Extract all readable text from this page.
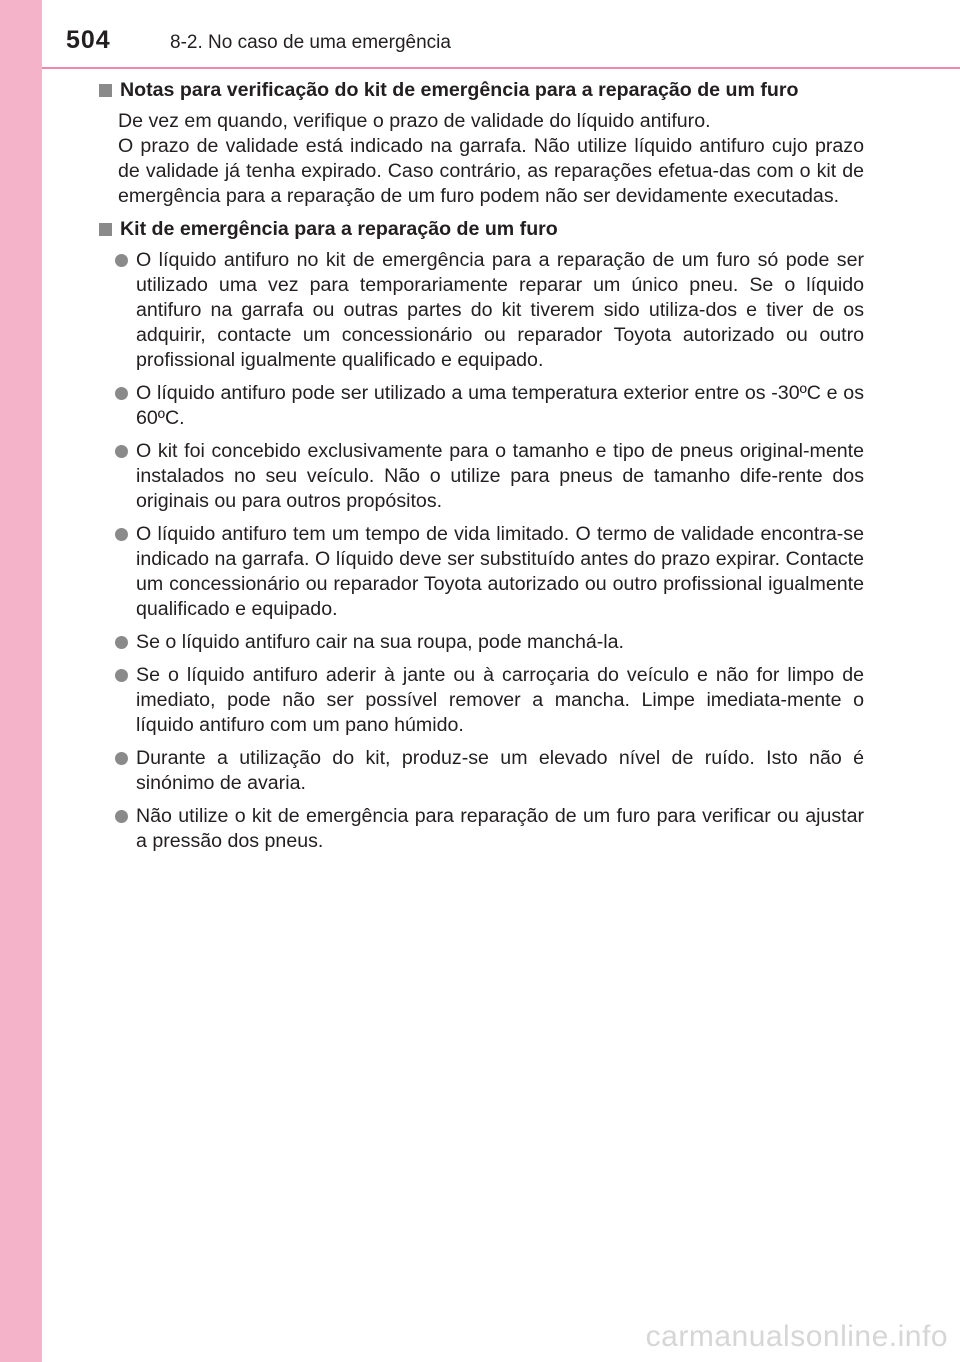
504	8-2. No caso de uma emergência
Notas para verificação do kit de emergência para a reparação de um furo
De vez em quando, verifique o prazo de validade do líquido antifuro.
O prazo de validade está indicado na garrafa. Não utilize líquido antifuro cujo prazo de validade já tenha expirado. Caso contrário, as reparações efetua-das com o kit de emergência para a reparação de um furo podem não ser devidamente executadas.
Kit de emergência para a reparação de um furo
O líquido antifuro no kit de emergência para a reparação de um furo só pode ser utilizado uma vez para temporariamente reparar um único pneu. Se o líquido antifuro na garrafa ou outras partes do kit tiverem sido utiliza-dos e tiver de os adquirir, contacte um concessionário ou reparador Toyota autorizado ou outro profissional igualmente qualificado e equipado.
O líquido antifuro pode ser utilizado a uma temperatura exterior entre os -30ºC e os 60ºC.
O kit foi concebido exclusivamente para o tamanho e tipo de pneus original-mente instalados no seu veículo. Não o utilize para pneus de tamanho dife-rente dos originais ou para outros propósitos.
O líquido antifuro tem um tempo de vida limitado. O termo de validade encontra-se indicado na garrafa. O líquido deve ser substituído antes do prazo expirar. Contacte um concessionário ou reparador Toyota autorizado ou outro profissional igualmente qualificado e equipado.
Se o líquido antifuro cair na sua roupa, pode manchá-la.
Se o líquido antifuro aderir à jante ou à carroçaria do veículo e não for limpo de imediato, pode não ser possível remover a mancha. Limpe imediata-mente o líquido antifuro com um pano húmido.
Durante a utilização do kit, produz-se um elevado nível de ruído. Isto não é sinónimo de avaria.
Não utilize o kit de emergência para reparação de um furo para verificar ou ajustar a pressão dos pneus.
carmanualsonline.info
